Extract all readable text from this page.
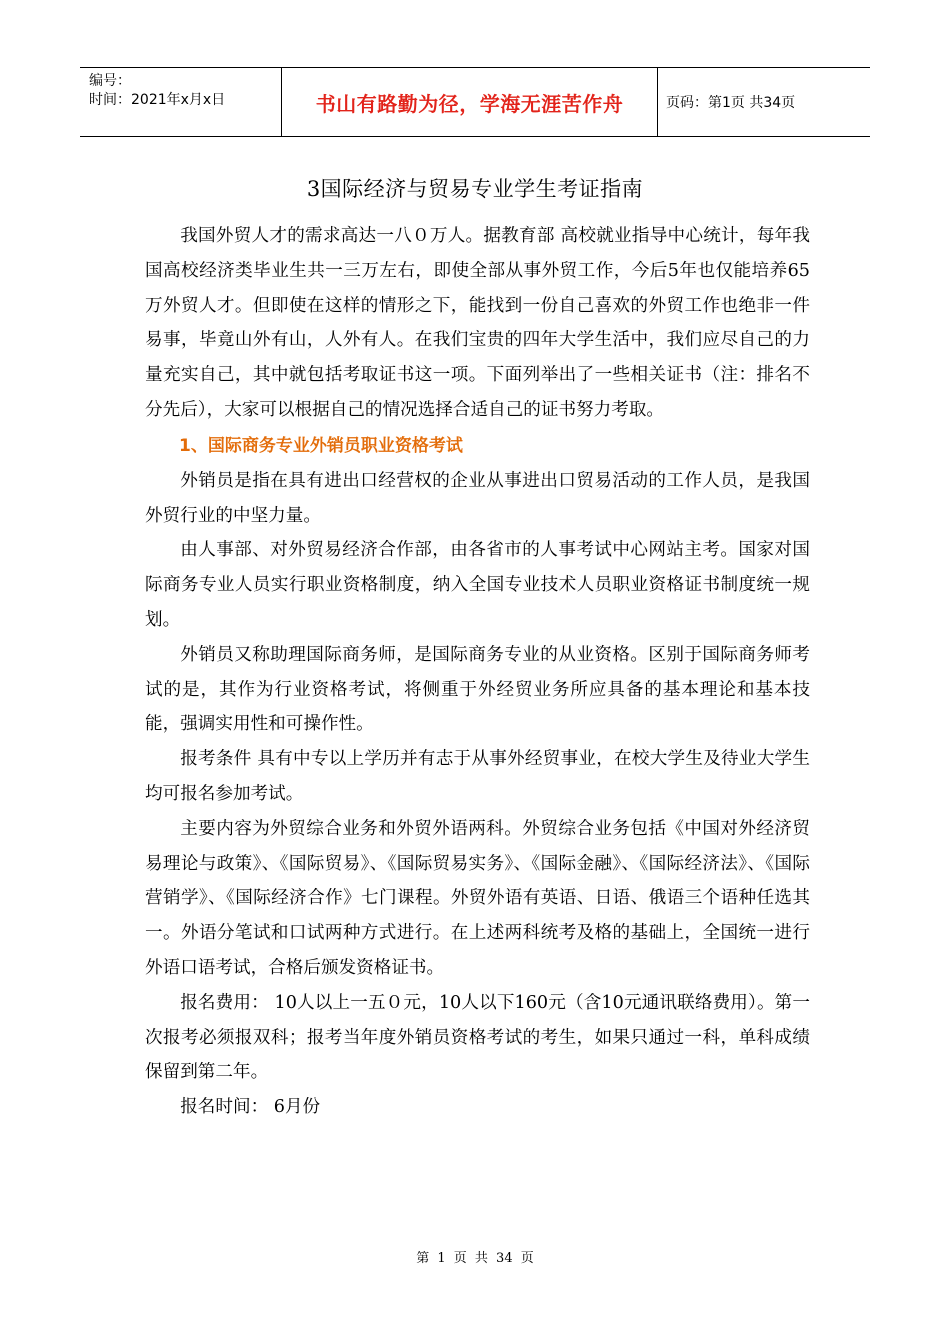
编号：
时间：2021年x月x日	书山有路勤为径，学海无涯苦作舟	页码：第1页 共34页
3国际经济与贸易专业学生考证指南

我国外贸人才的需求高达一八０万人。据教育部 高校就业指导中心统计，每年我国高校经济类毕业生共一三万左右，即使全部从事外贸工作，今后5年也仅能培养65万外贸人才。但即使在这样的情形之下，能找到一份自己喜欢的外贸工作也绝非一件易事，毕竟山外有山，人外有人。在我们宝贵的四年大学生活中，我们应尽自己的力量充实自己，其中就包括考取证书这一项。下面列举出了一些相关证书（注：排名不分先后），大家可以根据自己的情况选择合适自己的证书努力考取。

1、国际商务专业外销员职业资格考试

外销员是指在具有进出口经营权的企业从事进出口贸易活动的工作人员，是我国外贸行业的中坚力量。

由人事部、对外贸易经济合作部，由各省市的人事考试中心网站主考。国家对国际商务专业人员实行职业资格制度，纳入全国专业技术人员职业资格证书制度统一规划。

外销员又称助理国际商务师，是国际商务专业的从业资格。区别于国际商务师考试的是，其作为行业资格考试，将侧重于外经贸业务所应具备的基本理论和基本技能，强调实用性和可操作性。

报考条件 具有中专以上学历并有志于从事外经贸事业，在校大学生及待业大学生均可报名参加考试。

主要内容为外贸综合业务和外贸外语两科。外贸综合业务包括《中国对外经济贸易理论与政策》、《国际贸易》、《国际贸易实务》、《国际金融》、《国际经济法》、《国际营销学》、《国际经济合作》七门课程。外贸外语有英语、日语、俄语三个语种任选其一。外语分笔试和口试两种方式进行。在上述两科统考及格的基础上，全国统一进行外语口语考试，合格后颁发资格证书。

报名费用： 10人以上一五０元，10人以下160元（含10元通讯联络费用）。第一次报考必须报双科；报考当年度外销员资格考试的考生，如果只通过一科，单科成绩保留到第二年。

报名时间： 6月份

第 1 页 共 34 页
